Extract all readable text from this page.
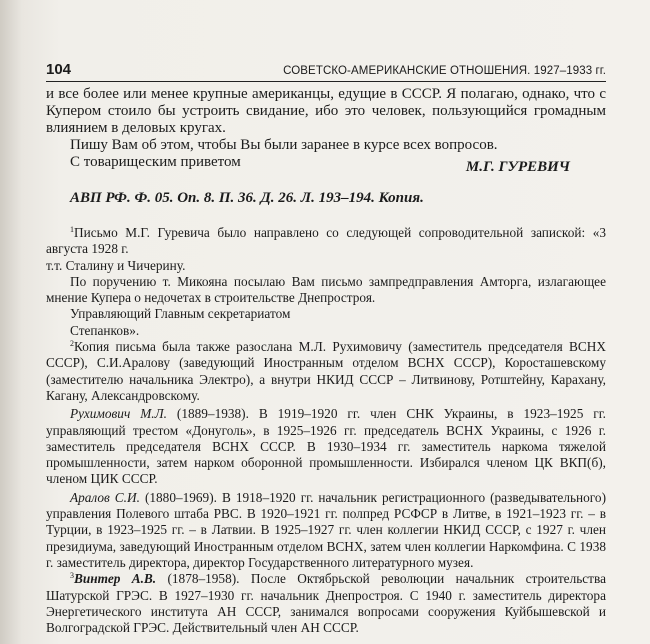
104	СОВЕТСКО-АМЕРИКАНСКИЕ ОТНОШЕНИЯ. 1927–1933 гг.

и все более или менее крупные американцы, едущие в СССР. Я полагаю, однако, что с Купером стоило бы устроить свидание, ибо это человек, пользующийся громадным влиянием в деловых кругах.

Пишу Вам об этом, чтобы Вы были заранее в курсе всех вопросов.

С товарищеским приветом	М.Г. ГУРЕВИЧ
АВП РФ. Ф. 05. Оп. 8. П. 36. Д. 26. Л. 193–194. Копия.

$^1$Письмо М.Г. Гуревича было направлено со следующей сопроводительной запиской: «3 августа 1928 г.

т.т. Сталину и Чичерину.

По поручению т. Микояна посылаю Вам письмо зампредправления Амторга, излагающее мнение Купера о недочетах в строительстве Днепростроя.

Управляющий Главным секретариатом

Степанков».

$^2$Копия письма была также разослана М.Л. Рухимовичу (заместитель председателя ВСНХ СССР), С.И.Аралову (заведующий Иностранным отделом ВСНХ СССР), Короcташевскому (заместителю начальника Электро), а внутри НКИД СССР – Литвинову, Ротштейну, Карахану, Кагану, Александровскому.

Рухимович М.Л. (1889–1938). В 1919–1920 гг. член СНК Украины, в 1923–1925 гг. управляющий трестом «Донуголь», в 1925–1926 гг. председатель ВСНХ Украины, с 1926 г. заместитель председателя ВСНХ СССР. В 1930–1934 гг. заместитель наркома тяжелой промышленности, затем нарком оборонной промышленности. Избирался членом ЦК ВКП(б), членом ЦИК СССР.

Аралов С.И. (1880–1969). В 1918–1920 гг. начальник регистрационного (разведывательного) управления Полевого штаба РВС. В 1920–1921 гг. полпред РСФСР в Литве, в 1921–1923 гг. – в Турции, в 1923–1925 гг. – в Латвии. В 1925–1927 гг. член коллегии НКИД СССР, с 1927 г. член президиума, заведующий Иностранным отделом ВСНХ, затем член коллегии Наркомфина. С 1938 г. заместитель директора, директор Государственного литературного музея.

$^3$Винтер А.В. (1878–1958). После Октябрьской революции начальник строительства Шатурской ГРЭС. В 1927–1930 гг. начальник Днепростроя. С 1940 г. заместитель директора Энергетического института АН СССР, занимался вопросами сооружения Куйбышевской и Волгоградской ГРЭС. Действительный член АН СССР.
